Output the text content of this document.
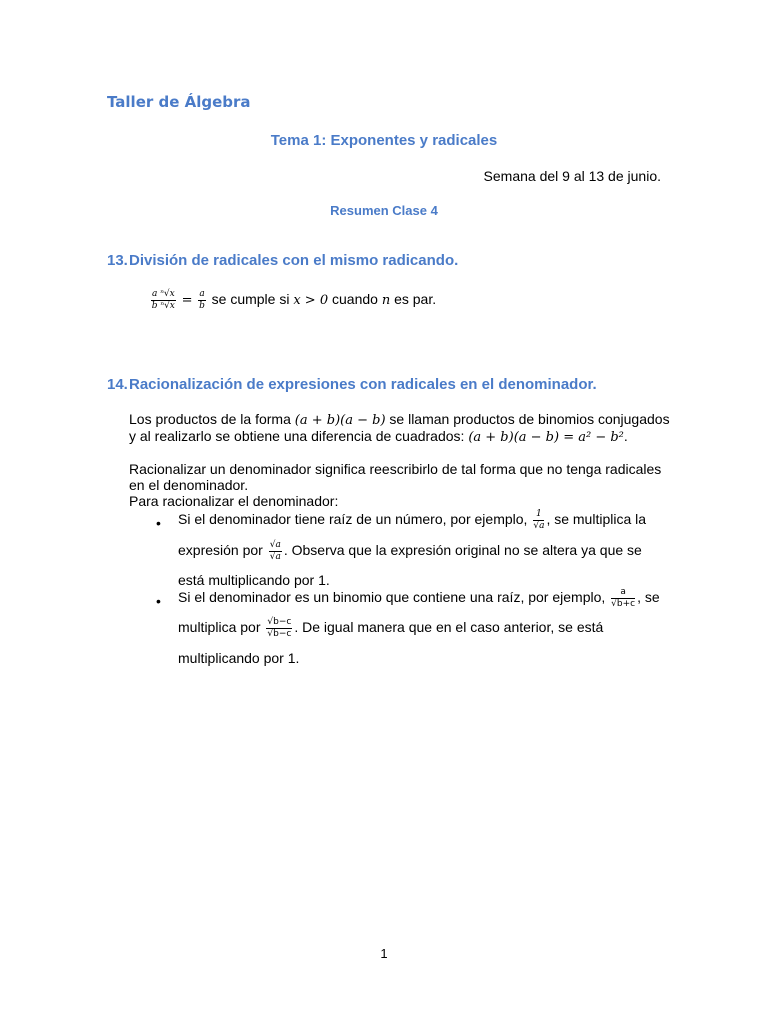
Taller de Álgebra
Tema 1: Exponentes y radicales
Semana del 9 al 13 de junio.
Resumen Clase 4
13.División de radicales con el mismo radicando.
$\frac{\text{a ⁿ√x}}{\text{b ⁿ√x}} = \frac{a}{b}$ se cumple si x > 0 cuando n es par.
14.Racionalización de expresiones con radicales en el denominador.
Los productos de la forma (a + b)(a − b) se llaman productos de binomios conjugados
y al realizarlo se obtiene una diferencia de cuadrados: (a + b)(a − b) = a² − b².
Racionalizar un denominador significa reescribirlo de tal forma que no tenga radicales
en el denominador.
Para racionalizar el denominador:
• Si el denominador tiene raíz de un número, por ejemplo, $\frac{1}{√a}$ , se multiplica la
expresión por $\frac{√a}{√a}$ . Observa que la expresión original no se altera ya que se
está multiplicando por 1.
• Si el denominador es un binomio que contiene una raíz, por ejemplo, $\frac{a}{√b+c}$ , se
multiplica por $\frac{√b-c}{√b-c}$ . De igual manera que en el caso anterior, se está
multiplicando por 1.
1
